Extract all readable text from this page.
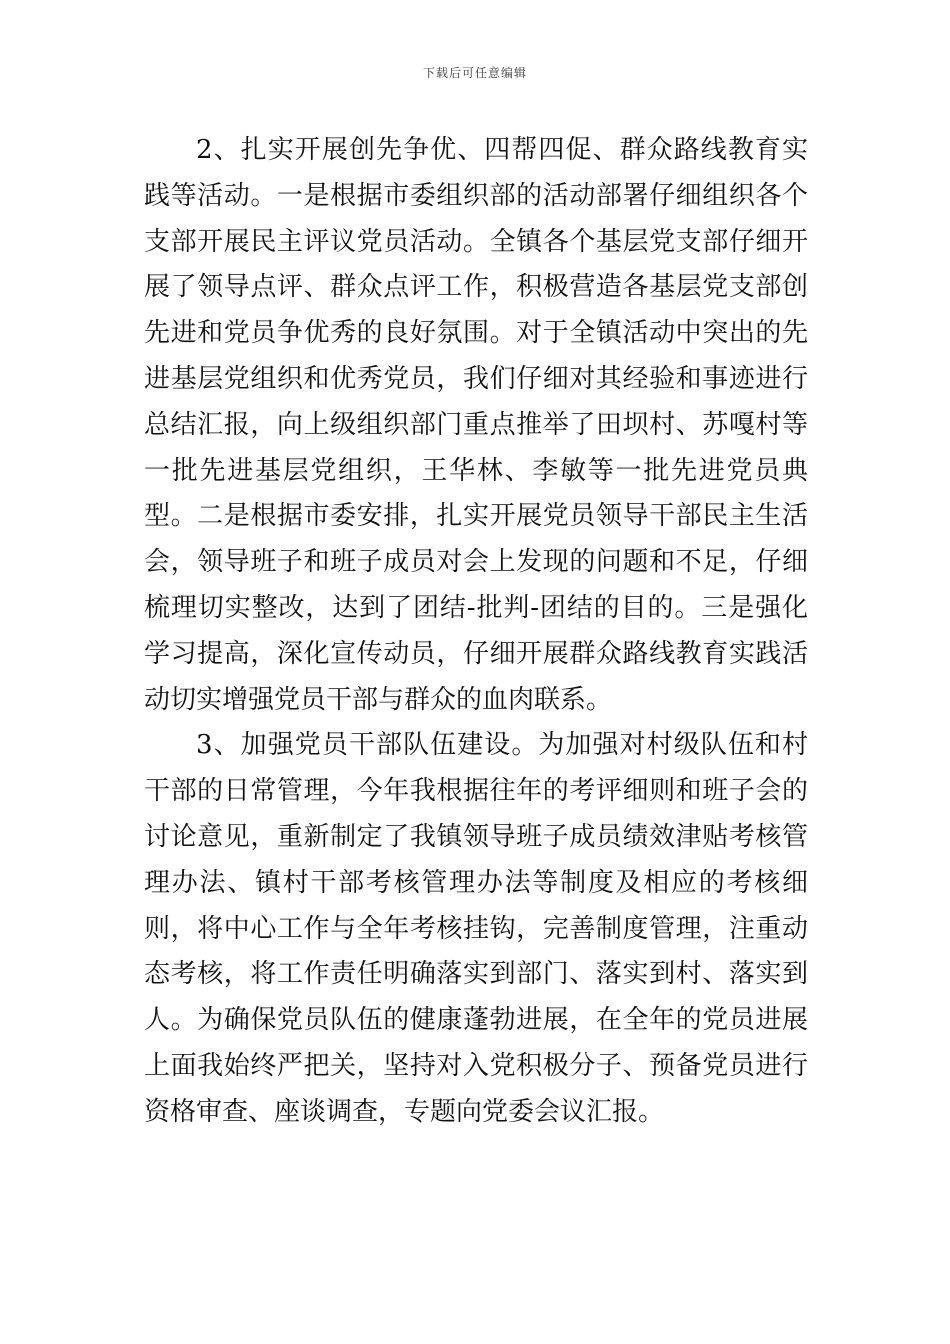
下载后可任意编辑

2、扎实开展创先争优、四帮四促、群众路线教育实践等活动。一是根据市委组织部的活动部署仔细组织各个支部开展民主评议党员活动。全镇各个基层党支部仔细开展了领导点评、群众点评工作，积极营造各基层党支部创先进和党员争优秀的良好氛围。对于全镇活动中突出的先进基层党组织和优秀党员，我们仔细对其经验和事迹进行总结汇报，向上级组织部门重点推举了田坝村、苏嘎村等一批先进基层党组织，王华林、李敏等一批先进党员典型。二是根据市委安排，扎实开展党员领导干部民主生活会，领导班子和班子成员对会上发现的问题和不足，仔细梳理切实整改，达到了团结-批判-团结的目的。三是强化学习提高，深化宣传动员，仔细开展群众路线教育实践活动切实增强党员干部与群众的血肉联系。

3、加强党员干部队伍建设。为加强对村级队伍和村干部的日常管理，今年我根据往年的考评细则和班子会的讨论意见，重新制定了我镇领导班子成员绩效津贴考核管理办法、镇村干部考核管理办法等制度及相应的考核细则，将中心工作与全年考核挂钩，完善制度管理，注重动态考核，将工作责任明确落实到部门、落实到村、落实到人。为确保党员队伍的健康蓬勃进展，在全年的党员进展上面我始终严把关，坚持对入党积极分子、预备党员进行资格审查、座谈调查，专题向党委会议汇报。
